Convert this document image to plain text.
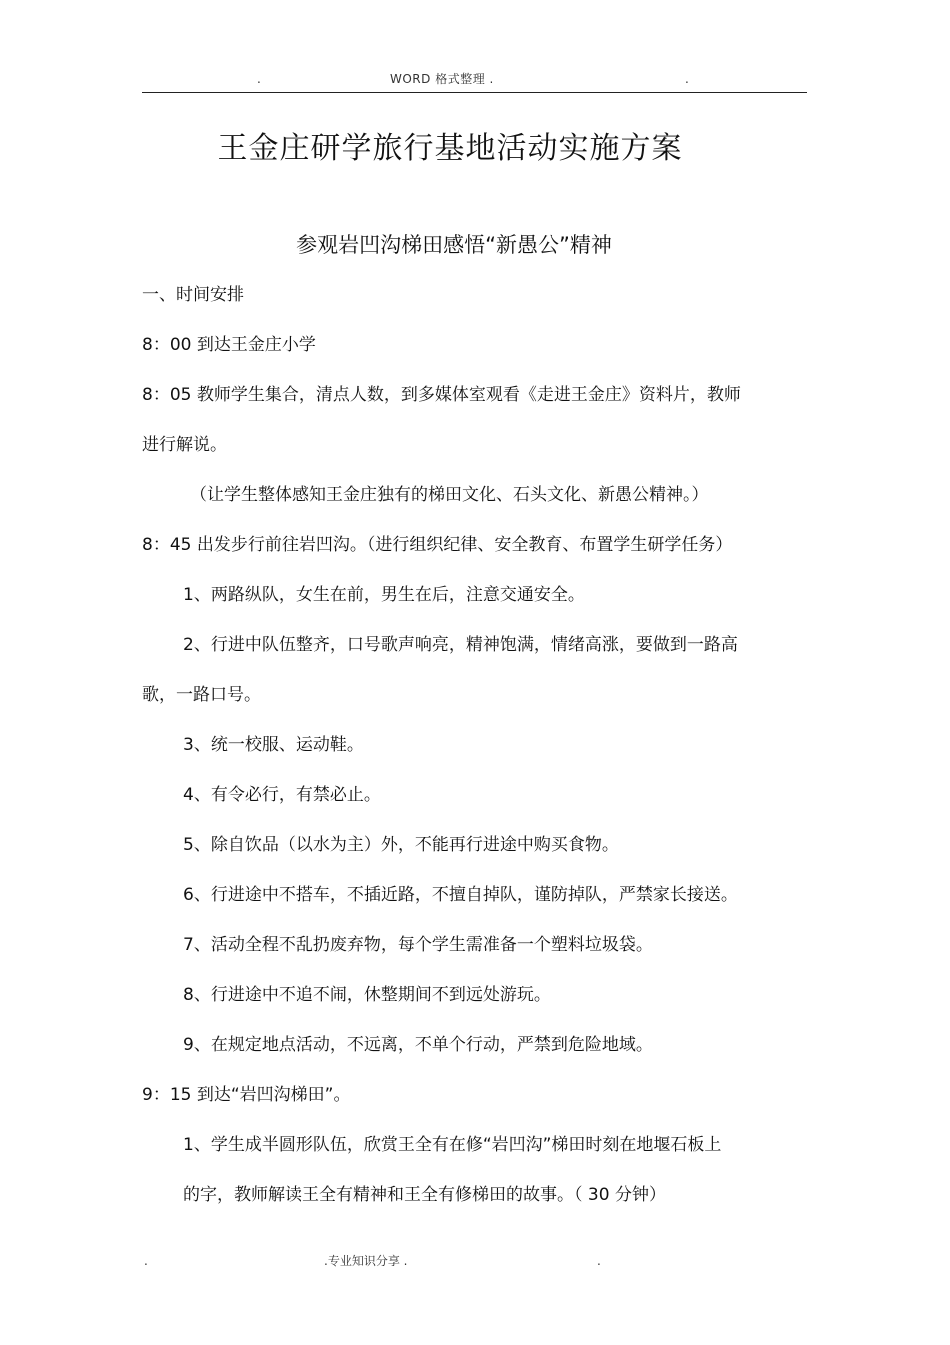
.	WORD 格式整理 .	.
王金庄研学旅行基地活动实施方案
参观岩凹沟梯田感悟“新愚公”精神
一、时间安排
8：00 到达王金庄小学
8：05 教师学生集合，清点人数，到多媒体室观看《走进王金庄》资料片，教师
进行解说。
（让学生整体感知王金庄独有的梯田文化、石头文化、新愚公精神。）
8：45 出发步行前往岩凹沟。（进行组织纪律、安全教育、布置学生研学任务）
1、两路纵队，女生在前，男生在后，注意交通安全。
2、行进中队伍整齐，口号歌声响亮，精神饱满，情绪高涨，要做到一路高
歌，一路口号。
3、统一校服、运动鞋。
4、有令必行，有禁必止。
5、除自饮品（以水为主）外，不能再行进途中购买食物。
6、行进途中不搭车，不插近路，不擅自掉队，谨防掉队，严禁家长接送。
7、活动全程不乱扔废弃物，每个学生需准备一个塑料垃圾袋。
8、行进途中不追不闹，休整期间不到远处游玩。
9、在规定地点活动，不远离，不单个行动，严禁到危险地域。
9：15 到达“岩凹沟梯田”。
1、学生成半圆形队伍，欣赏王全有在修“岩凹沟”梯田时刻在地堰石板上
的字，教师解读王全有精神和王全有修梯田的故事。（ 30 分钟）
.	.专业知识分享 .	.
